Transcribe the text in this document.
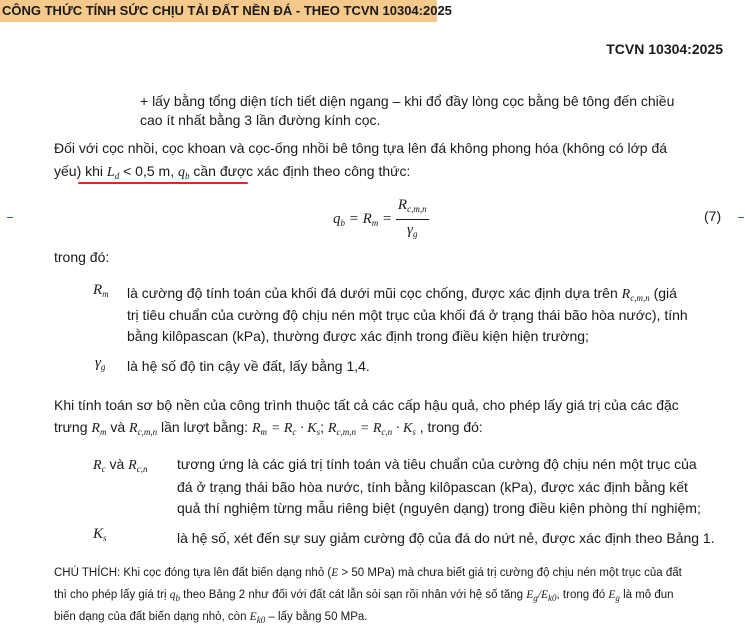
CÔNG THỨC TÍNH SỨC CHỊU TẢI ĐẤT NỀN ĐÁ - THEO TCVN 10304:2025
TCVN 10304:2025
+ lấy bằng tổng diện tích tiết diện ngang – khi đổ đầy lòng cọc bằng bê tông đến chiều
cao ít nhất bằng 3 lần đường kính cọc.
Đối với cọc nhồi, cọc khoan và cọc-ống nhồi bê tông tựa lên đá không phong hóa (không có lớp đá
yếu) khi $L_d < 0,5$ m, $q_b$ cần được xác định theo công thức:
$q_b = R_m = \frac{R_{c,m,n}}{\gamma_g}$	(7)
trong đó:
$R_m$ là cường độ tính toán của khối đá dưới mũi cọc chống, được xác định dựa trên $R_{c,m,n}$ (giá
trị tiêu chuẩn của cường độ chịu nén một trục của khối đá ở trạng thái bão hòa nước), tính
bằng kilôpascan (kPa), thường được xác định trong điều kiện hiện trường;
$\gamma_g$ là hệ số độ tin cậy về đất, lấy bằng 1,4.
Khi tính toán sơ bộ nền của công trình thuộc tất cả các cấp hậu quả, cho phép lấy giá trị của các đặc
trưng $R_m$ và $R_{c,m,n}$ lần lượt bằng: $R_m = R_c \cdot K_s$; $R_{c,m,n} = R_{c,n} \cdot K_s$ , trong đó:
$R_c$ và $R_{c,n}$ tương ứng là các giá trị tính toán và tiêu chuẩn của cường độ chịu nén một trục của
đá ở trạng thái bão hòa nước, tính bằng kilôpascan (kPa), được xác định bằng kết
quả thí nghiệm từng mẫu riêng biệt (nguyên dạng) trong điều kiện phòng thí nghiệm;
$K_s$	là hệ số, xét đến sự suy giảm cường độ của đá do nứt nẻ, được xác định theo Bảng 1.
CHÚ THÍCH: Khi cọc đóng tựa lên đất biến dạng nhỏ (E > 50 MPa) mà chưa biết giá trị cường độ chịu nén một trục của đất
thì cho phép lấy giá trị $q_b$ theo Bảng 2 như đối với đất cát lẫn sỏi sạn rồi nhân với hệ số tăng $E_g/E_{k0}$, trong đó $E_g$ là mô đun
biến dạng của đất biến dạng nhỏ, còn $E_{k0}$ – lấy bằng 50 MPa.
